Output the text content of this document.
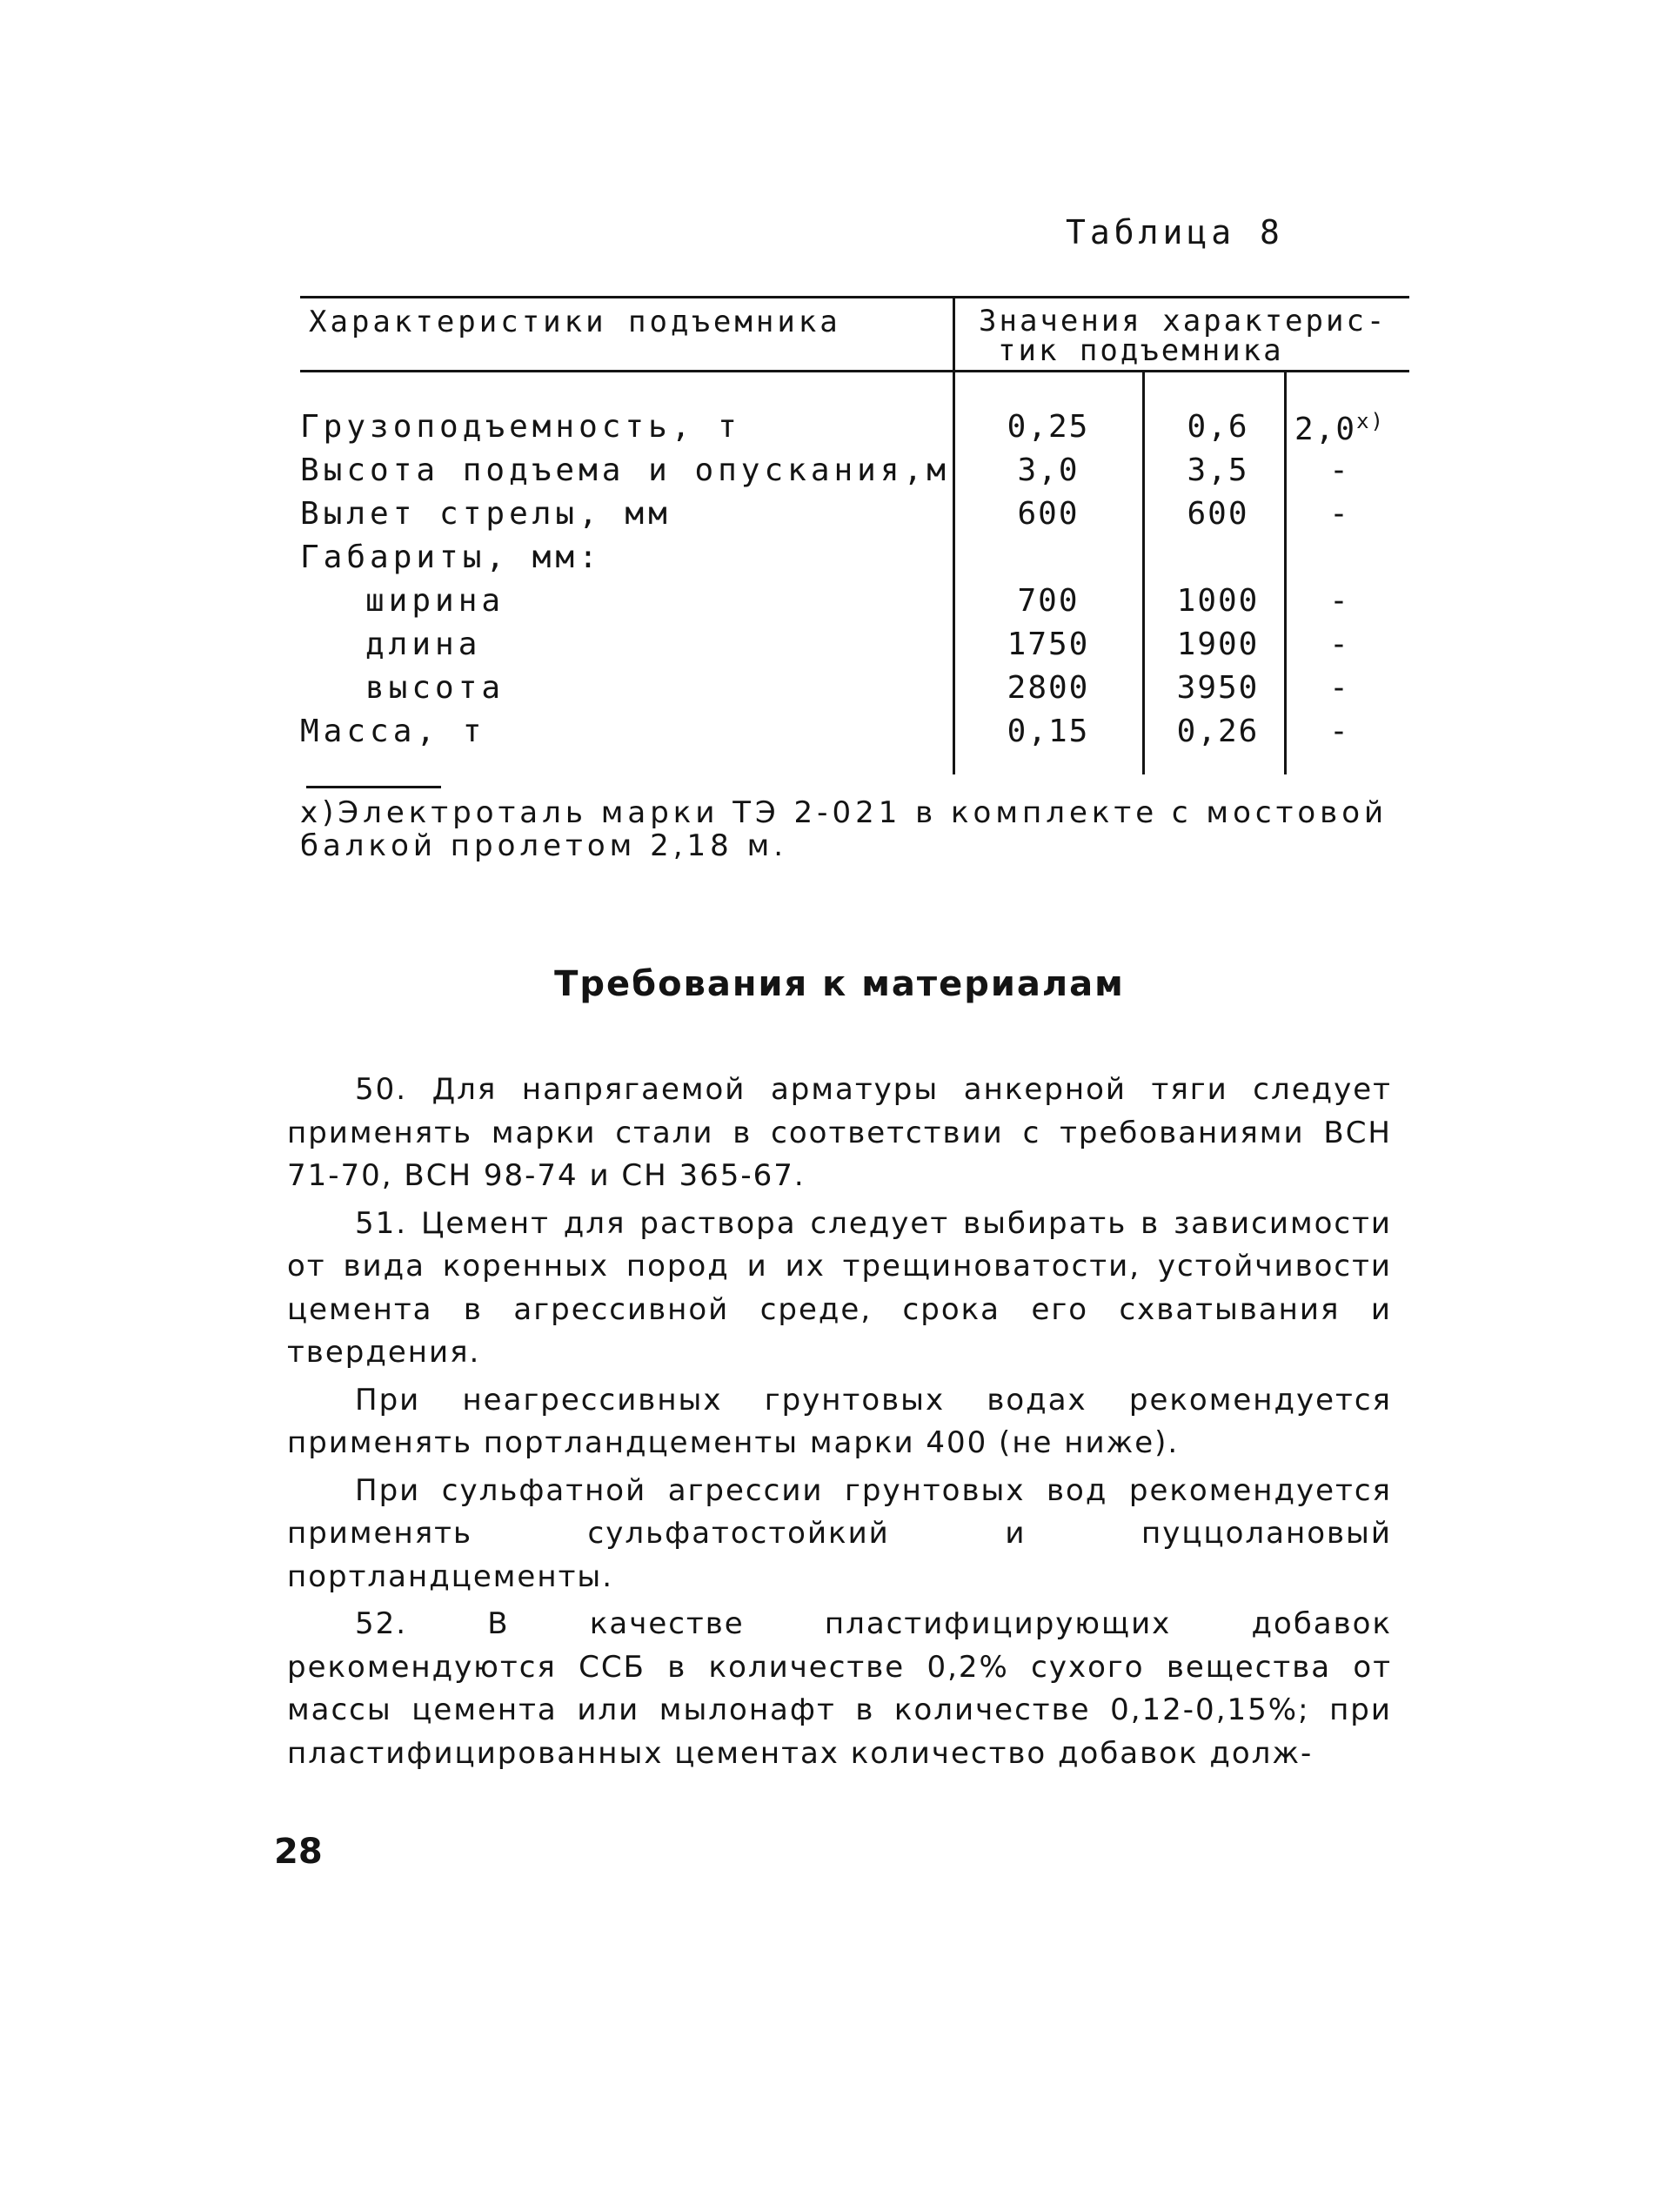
Таблица 8
Характеристики подъемника	Значения характерис-
тик подъемника
Грузоподъемность, т	0,25	0,6	2,0$^{x)}$
Высота подъема и опускания,м	3,0	3,5	-
Вылет стрелы, мм	600	600	-
Габариты, мм:
ширина	700	1000	-
длина	1750	1900	-
высота	2800	3950	-
Масса, т	0,15	0,26	-
x)Электроталь марки ТЭ 2-021 в комплекте с мостовой балкой пролетом 2,18 м.
Требования к материалам

50. Для напрягаемой арматуры анкерной тяги следует применять марки стали в соответствии с требованиями ВСН 71-70, ВСН 98-74 и СН 365-67.

51. Цемент для раствора следует выбирать в зависимости от вида коренных пород и их трещиноватости, устойчивости цемента в агрессивной среде, срока его схватывания и твердения.

При неагрессивных грунтовых водах рекомендуется применять портландцементы марки 400 (не ниже).

При сульфатной агрессии грунтовых вод рекомендуется применять сульфатостойкий и пуццолановый портландцементы.

52. В качестве пластифицирующих добавок рекомендуются ССБ в количестве 0,2% сухого вещества от массы цемента или мылонафт в количестве 0,12-0,15%; при пластифицированных цементах количество добавок долж-

28
